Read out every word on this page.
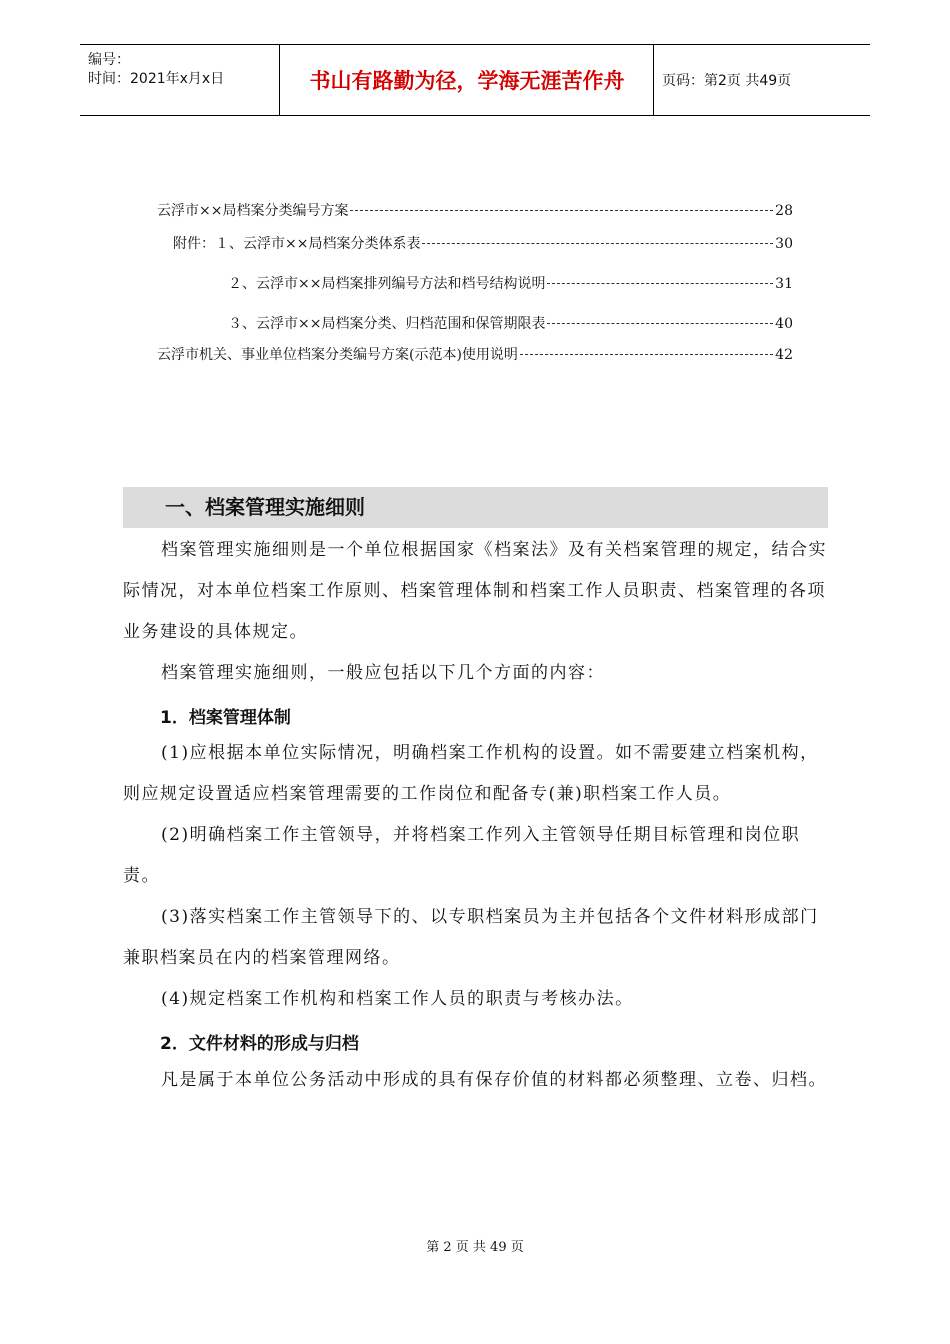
编号：
时间：2021年x月x日	书山有路勤为径，学海无涯苦作舟	页码：第2页 共49页
云浮市××局档案分类编号方案	28
附件：１、云浮市××局档案分类体系表	30
２、云浮市××局档案排列编号方法和档号结构说明	31
３、云浮市××局档案分类、归档范围和保管期限表	40
云浮市机关、事业单位档案分类编号方案(示范本)使用说明	42
一、档案管理实施细则
档案管理实施细则是一个单位根据国家《档案法》及有关档案管理的规定，结合实际情况，对本单位档案工作原则、档案管理体制和档案工作人员职责、档案管理的各项业务建设的具体规定。
档案管理实施细则，一般应包括以下几个方面的内容：
1．档案管理体制
(1)应根据本单位实际情况，明确档案工作机构的设置。如不需要建立档案机构，则应规定设置适应档案管理需要的工作岗位和配备专(兼)职档案工作人员。
(2)明确档案工作主管领导，并将档案工作列入主管领导任期目标管理和岗位职责。
(3)落实档案工作主管领导下的、以专职档案员为主并包括各个文件材料形成部门兼职档案员在内的档案管理网络。
(4)规定档案工作机构和档案工作人员的职责与考核办法。
2．文件材料的形成与归档
凡是属于本单位公务活动中形成的具有保存价值的材料都必须整理、立卷、归档。
第 2 页 共 49 页
